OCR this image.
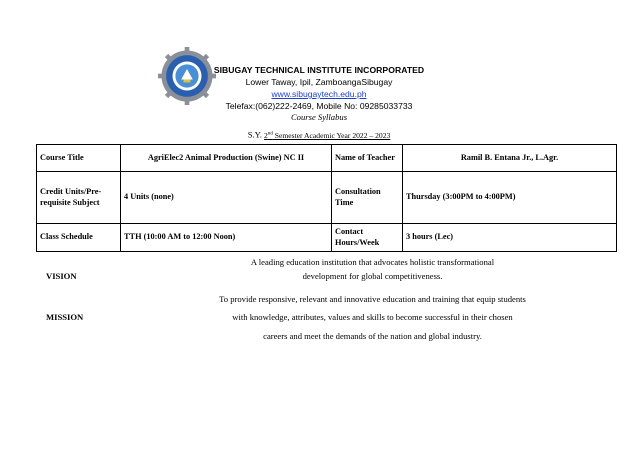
SIBUGAY TECHNICAL INSTITUTE INCORPORATED
Lower Taway, Ipil, ZamboangaSibugay
www.sibugaytech.edu.ph
Telefax:(062)222-2469, Mobile No: 09285033733
Course Syllabus
S.Y. 2nd Semester Academic Year 2022 – 2023
Course Title	AgriElec2 Animal Production (Swine) NC II	Name of Teacher	Ramil B. Entana Jr., L.Agr.
Credit Units/Pre-requisite Subject	4 Units (none)	Consultation Time	Thursday (3:00PM to 4:00PM)
Class Schedule	TTH (10:00 AM to 12:00 Noon)	Contact Hours/Week	3 hours (Lec)
A leading education institution that advocates holistic transformational
VISION	development for global competitiveness.
To provide responsive, relevant and innovative education and training that equip students
MISSION	with knowledge, attributes, values and skills to become successful in their chosen
careers and meet the demands of the nation and global industry.
